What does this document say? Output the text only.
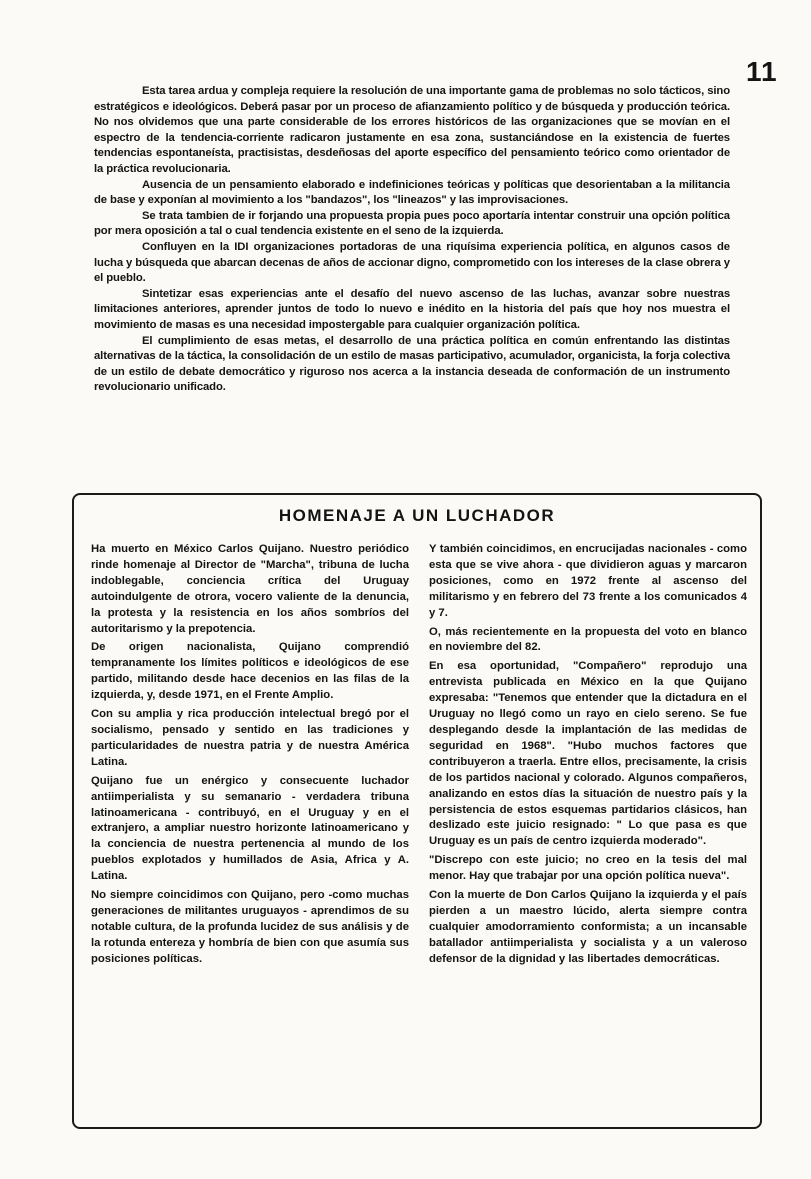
11

Esta tarea ardua y compleja requiere la resolución de una importante gama de problemas no solo tácticos, sino estratégicos e ideológicos. Deberá pasar por un proceso de afianzamiento político y de búsqueda y producción teórica. No nos olvidemos que una parte considerable de los errores históricos de las organizaciones que se movían en el espectro de la tendencia-corriente radicaron justamente en esa zona, sustanciándose en la existencia de fuertes tendencias espontaneísta, practisistas, desdeñosas del aporte específico del pensamiento teórico como orientador de la práctica revolucionaria.

Ausencia de un pensamiento elaborado e indefiniciones teóricas y políticas que desorientaban a la militancia de base y exponían al movimiento a los "bandazos", los "lineazos" y las improvisaciones.

Se trata tambien de ir forjando una propuesta propia pues poco aportaría intentar construir una opción política por mera oposición a tal o cual tendencia existente en el seno de la izquierda.

Confluyen en la IDI organizaciones portadoras de una riquísima experiencia política, en algunos casos de lucha y búsqueda que abarcan decenas de años de accionar digno, comprometido con los intereses de la clase obrera y el pueblo.

Sintetizar esas experiencias ante el desafío del nuevo ascenso de las luchas, avanzar sobre nuestras limitaciones anteriores, aprender juntos de todo lo nuevo e inédito en la historia del país que hoy nos muestra el movimiento de masas es una necesidad impostergable para cualquier organización política.

El cumplimiento de esas metas, el desarrollo de una práctica política en común enfrentando las distintas alternativas de la táctica, la consolidación de un estilo de masas participativo, acumulador, organicista, la forja colectiva de un estilo de debate democrático y riguroso nos acerca a la instancia deseada de conformación de un instrumento revolucionario unificado.

HOMENAJE A UN LUCHADOR

Ha muerto en México Carlos Quijano. Nuestro periódico rinde homenaje al Director de "Marcha", tribuna de lucha indoblegable, conciencia crítica del Uruguay autoindulgente de otrora, vocero valiente de la denuncia, la protesta y la resistencia en los años sombríos del autoritarismo y la prepotencia.

De origen nacionalista, Quijano comprendió tempranamente los límites políticos e ideológicos de ese partido, militando desde hace decenios en las filas de la izquierda, y, desde 1971, en el Frente Amplio.

Con su amplia y rica producción intelectual bregó por el socialismo, pensado y sentido en las tradiciones y particularidades de nuestra patria y de nuestra América Latina.

Quijano fue un enérgico y consecuente luchador antiimperialista y su semanario - verdadera tribuna latinoamericana - contribuyó, en el Uruguay y en el extranjero, a ampliar nuestro horizonte latinoamericano y la conciencia de nuestra pertenencia al mundo de los pueblos explotados y humillados de Asia, Africa y A. Latina.

No siempre coincidimos con Quijano, pero -como muchas generaciones de militantes uruguayos - aprendimos de su notable cultura, de la profunda lucidez de sus análisis y de la rotunda entereza y hombría de bien con que asumía sus posiciones políticas.

Y también coincidimos, en encrucijadas nacionales - como esta que se vive ahora - que dividieron aguas y marcaron posiciones, como en 1972 frente al ascenso del militarismo y en febrero del 73 frente a los comunicados 4 y 7.

O, más recientemente en la propuesta del voto en blanco en noviembre del 82.

En esa oportunidad, "Compañero" reprodujo una entrevista publicada en México en la que Quijano expresaba: "Tenemos que entender que la dictadura en el Uruguay no llegó como un rayo en cielo sereno. Se fue desplegando desde la implantación de las medidas de seguridad en 1968". "Hubo muchos factores que contribuyeron a traerla. Entre ellos, precisamente, la crisis de los partidos nacional y colorado. Algunos compañeros, analizando en estos días la situación de nuestro país y la persistencia de estos esquemas partidarios clásicos, han deslizado este juicio resignado: " Lo que pasa es que Uruguay es un país de centro izquierda moderado".

"Discrepo con este juicio; no creo en la tesis del mal menor. Hay que trabajar por una opción política nueva".

Con la muerte de Don Carlos Quijano la izquierda y el país pierden a un maestro lúcido, alerta siempre contra cualquier amodorramiento conformista; a un incansable batallador antiimperialista y socialista y a un valeroso defensor de la dignidad y las libertades democráticas.
